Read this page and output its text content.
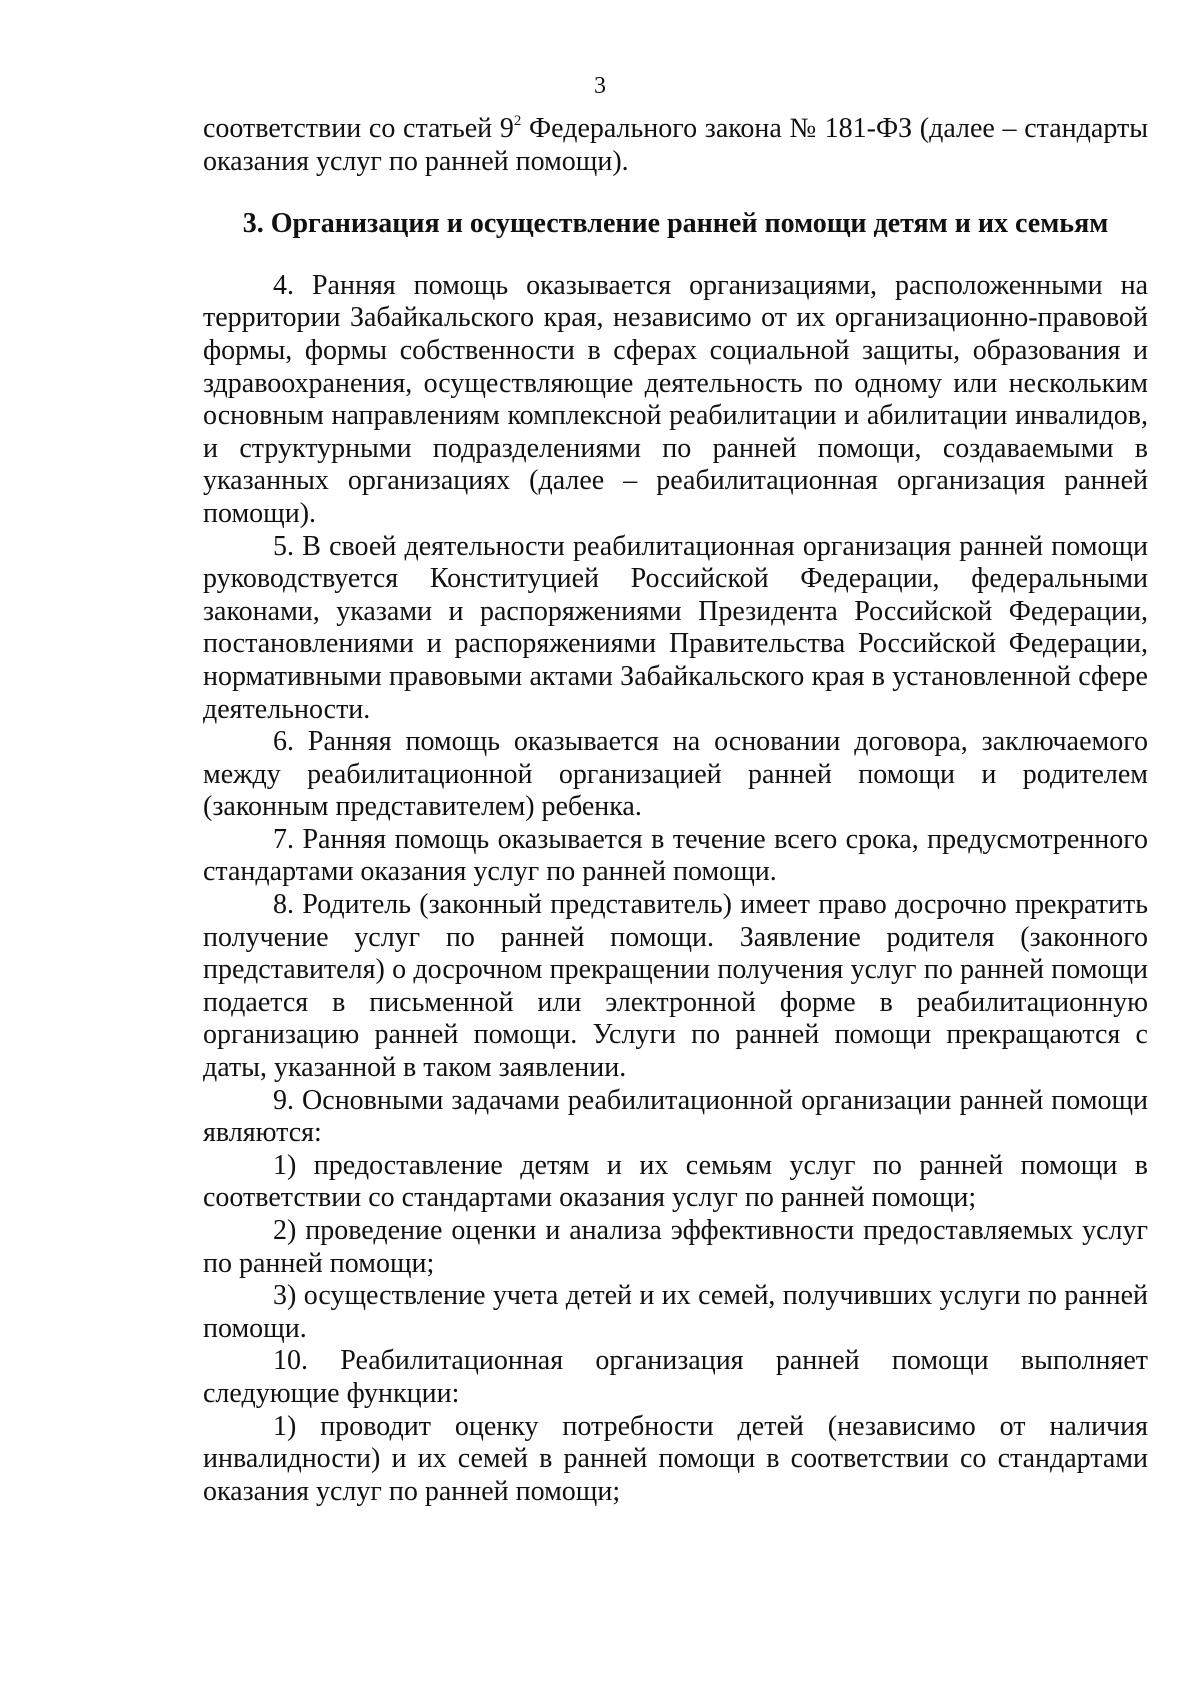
3

соответствии со статьей $9^2$ Федерального закона № 181-ФЗ (далее – стандарты оказания услуг по ранней помощи).

3. Организация и осуществление ранней помощи детям и их семьям

4. Ранняя помощь оказывается организациями, расположенными на территории Забайкальского края, независимо от их организационно-правовой формы, формы собственности в сферах социальной защиты, образования и здравоохранения, осуществляющие деятельность по одному или нескольким основным направлениям комплексной реабилитации и абилитации инвалидов, и структурными подразделениями по ранней помощи, создаваемыми в указанных организациях (далее – реабилитационная организация ранней помощи).

5. В своей деятельности реабилитационная организация ранней помощи руководствуется Конституцией Российской Федерации, федеральными законами, указами и распоряжениями Президента Российской Федерации, постановлениями и распоряжениями Правительства Российской Федерации, нормативными правовыми актами Забайкальского края в установленной сфере деятельности.

6. Ранняя помощь оказывается на основании договора, заключаемого между реабилитационной организацией ранней помощи и родителем (законным представителем) ребенка.

7. Ранняя помощь оказывается в течение всего срока, предусмотренного стандартами оказания услуг по ранней помощи.

8. Родитель (законный представитель) имеет право досрочно прекратить получение услуг по ранней помощи. Заявление родителя (законного представителя) о досрочном прекращении получения услуг по ранней помощи подается в письменной или электронной форме в реабилитационную организацию ранней помощи. Услуги по ранней помощи прекращаются с даты, указанной в таком заявлении.

9. Основными задачами реабилитационной организации ранней помощи являются:

1) предоставление детям и их семьям услуг по ранней помощи в соответствии со стандартами оказания услуг по ранней помощи;

2) проведение оценки и анализа эффективности предоставляемых услуг по ранней помощи;

3) осуществление учета детей и их семей, получивших услуги по ранней помощи.

10. Реабилитационная организация ранней помощи выполняет следующие функции:

1) проводит оценку потребности детей (независимо от наличия инвалидности) и их семей в ранней помощи в соответствии со стандартами оказания услуг по ранней помощи;
